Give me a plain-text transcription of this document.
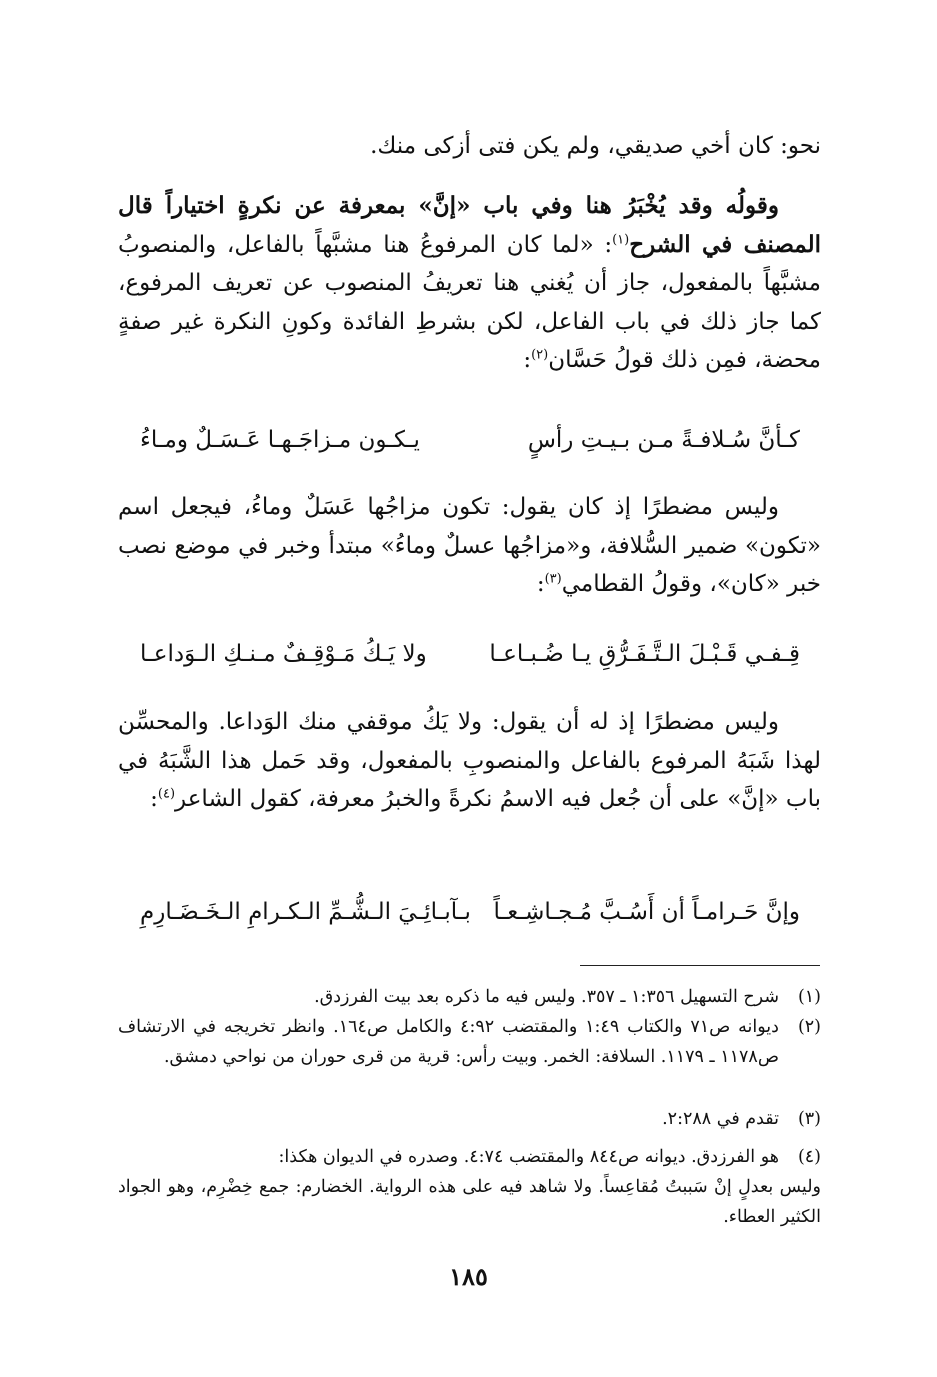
نحو: كان أخي صديقي، ولم يكن فتى أزكى منك.
وقولُه وقد يُخْبَرُ هنا وفي باب «إنَّ» بمعرفة عن نكرةٍ اختياراً قال المصنف في الشرح$^{(١)}$: «لما كان المرفوعُ هنا مشبَّهاً بالفاعل، والمنصوبُ مشبَّهاً بالمفعول، جاز أن يُغني هنا تعريفُ المنصوب عن تعريف المرفوع، كما جاز ذلك في باب الفاعل، لكن بشرطِ الفائدة وكونِ النكرة غير صفةٍ محضة، فمِن ذلك قولُ حَسَّان$^{(٢)}$:
كـأنَّ سُـلافـةً مـن بـيـتِ رأسٍ
يـكـون مـزاجَـهـا عَـسَـلٌ ومـاءُ
وليس مضطرًا إذ كان يقول: تكون مزاجُها عَسَلٌ وماءُ، فيجعل اسم «تكون» ضمير السُّلافة، و«مزاجُها عسلٌ وماءُ» مبتدأ وخبر في موضع نصب خبر «كان»، وقولُ القطامي$^{(٣)}$:
قِـفـي قَـبْـلَ الـتَّـفَـرُّقِ يـا ضُـبـاعـا
ولا يَـكُ مَـوْقِـفٌ مـنـكِ الـوَداعـا
وليس مضطرًا إذ له أن يقول: ولا يَكُ موقفي منك الوَداعا. والمحسِّن لهذا شَبَهُ المرفوع بالفاعل والمنصوبِ بالمفعول، وقد حَمل هذا الشَّبَهُ في باب «إنَّ» على أن جُعل فيه الاسمُ نكرةً والخبرُ معرفة، كقول الشاعر$^{(٤)}$:
وإنَّ حَـرامـاً أن أَسُـبَّ مُـجـاشِـعـاً
بـآبـائِـيَ الـشُّـمِّ الـكـرامِ الـخَـضَـارِمِ
(١)
شرح التسهيل ١:٣٥٦ ـ ٣٥٧. وليس فيه ما ذكره بعد بيت الفرزدق.
(٢)
ديوانه ص٧١ والكتاب ١:٤٩ والمقتضب ٤:٩٢ والكامل ص١٦٤. وانظر تخريجه في الارتشاف ص١١٧٨ ـ ١١٧٩. السلافة: الخمر. وبيت رأس: قرية من قرى حوران من نواحي دمشق.
(٣)
تقدم في ٢:٢٨٨.
(٤)
هو الفرزدق. ديوانه ص٨٤٤ والمقتضب ٤:٧٤. وصدره في الديوان هكذا:
وليس بعدلٍ إنْ سَببتُ مُقاعِساً. ولا شاهد فيه على هذه الرواية. الخضارم: جمع خِضْرِم، وهو الجواد الكثير العطاء.
١٨٥
